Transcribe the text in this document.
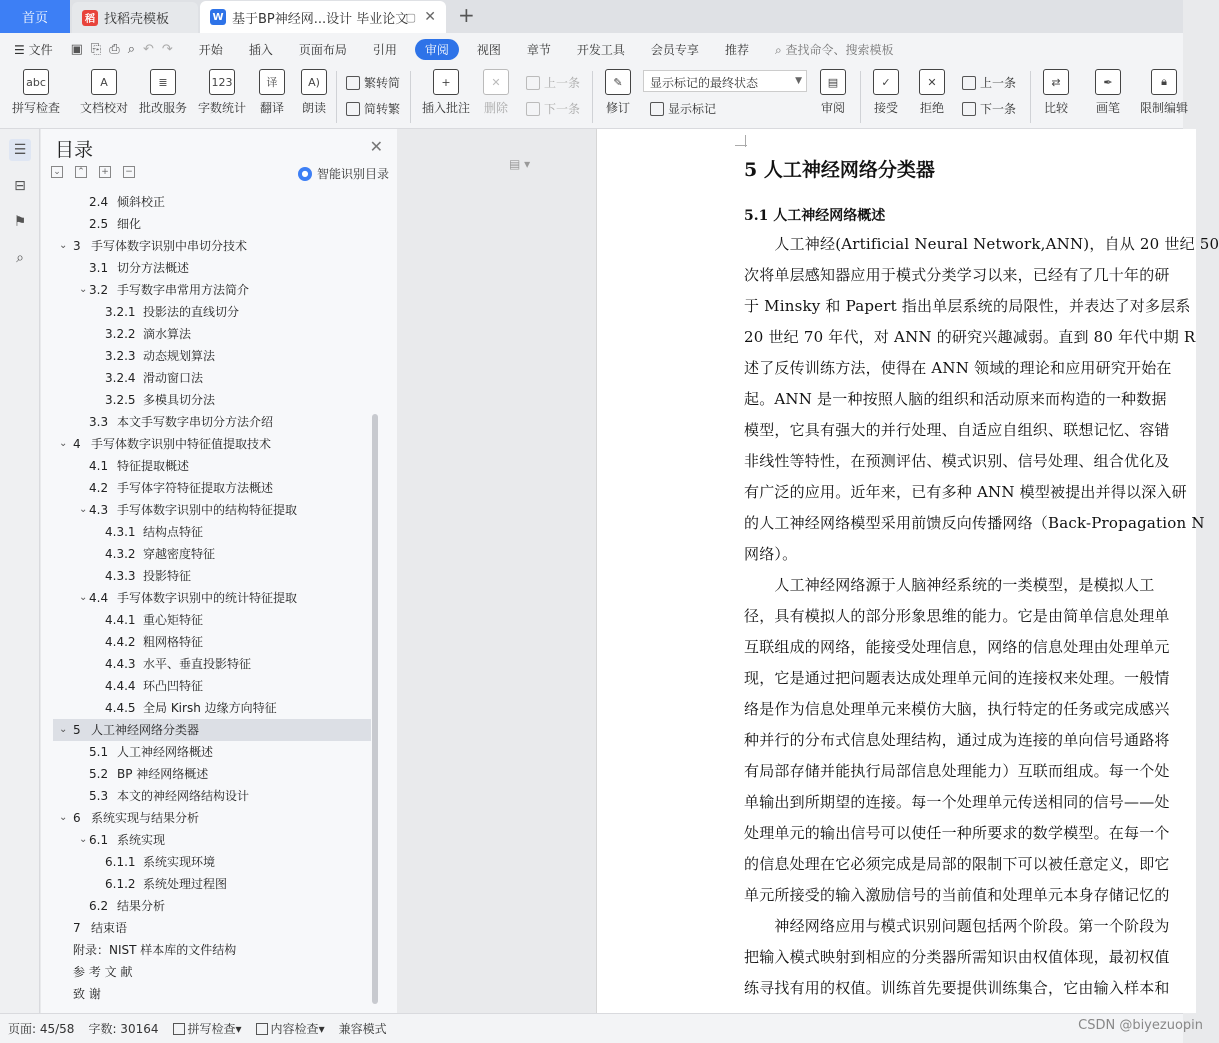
首页	稻 找稻壳模板	W 基于BP神经网...设计 毕业论文
▢ ✕ +
☰ 文件	▣ ⎘ ⎙ ⌕ ↶ ↷	开始	插入	页面布局	引用	审阅	视图	章节	开发工具	会员专享	推荐	⌕ 查找命令、搜索模板
abc
拼写检查
A
文档校对
≣
批改服务
123
字数统计
译
翻译
A)
朗读
繁转简
简转繁
+
插入批注
✕
删除
上一条
下一条
✎
修订
显示标记的最终状态	▼
显示标记
▤
审阅
✓
接受
✕
拒绝
上一条
下一条
⇄
比较
✒
画笔
🔒︎
限制编辑
☰
⊟
⚑
⌕
目录	✕
⌄ ⌃ + −	● 智能识别目录
2.4 倾斜校正
2.5 细化
⌄ 3 手写体数字识别中串切分技术
3.1 切分方法概述
⌄ 3.2 手写数字串常用方法简介
3.2.1 投影法的直线切分
3.2.2 滴水算法
3.2.3 动态规划算法
3.2.4 滑动窗口法
3.2.5 多模具切分法
3.3 本文手写数字串切分方法介绍
⌄ 4 手写体数字识别中特征值提取技术
4.1 特征提取概述
4.2 手写体字符特征提取方法概述
⌄ 4.3 手写体数字识别中的结构特征提取
4.3.1 结构点特征
4.3.2 穿越密度特征
4.3.3 投影特征
⌄ 4.4 手写体数字识别中的统计特征提取
4.4.1 重心矩特征
4.4.2 粗网格特征
4.4.3 水平、垂直投影特征
4.4.4 环凸凹特征
4.4.5 全局 Kirsh 边缘方向特征
⌄ 5 人工神经网络分类器
5.1 人工神经网络概述
5.2 BP 神经网络概述
5.3 本文的神经网络结构设计
⌄ 6 系统实现与结果分析
⌄ 6.1 系统实现
6.1.1 系统实现环境
6.1.2 系统处理过程图
6.2 结果分析
7 结束语
附录：NIST 样本库的文件结构
参 考 文 献
致 谢
▤ ▾	5 人工神经网络分类器
5.1 人工神经网络概述
　　人工神经(Artificial Neural Network,ANN)，自从 20 世纪 50
次将单层感知器应用于模式分类学习以来，已经有了几十年的研
于 Minsky 和 Papert 指出单层系统的局限性，并表达了对多层系
20 世纪 70 年代，对 ANN 的研究兴趣减弱。直到 80 年代中期 R
述了反传训练方法，使得在 ANN 领域的理论和应用研究开始在
起。ANN 是一种按照人脑的组织和活动原来而构造的一种数据
模型，它具有强大的并行处理、自适应自组织、联想记忆、容错
非线性等特性，在预测评估、模式识别、信号处理、组合优化及
有广泛的应用。近年来，已有多种 ANN 模型被提出并得以深入研
的人工神经网络模型采用前馈反向传播网络（Back-Propagation N
网络）。
　　人工神经网络源于人脑神经系统的一类模型，是模拟人工
径，具有模拟人的部分形象思维的能力。它是由简单信息处理单
互联组成的网络，能接受处理信息，网络的信息处理由处理单元
现，它是通过把问题表达成处理单元间的连接权来处理。一般情
络是作为信息处理单元来模仿大脑，执行特定的任务或完成感兴
种并行的分布式信息处理结构，通过成为连接的单向信号通路将
有局部存储并能执行局部信息处理能力）互联而组成。每一个处
单输出到所期望的连接。每一个处理单元传送相同的信号——处
处理单元的输出信号可以使任一种所要求的数学模型。在每一个
的信息处理在它必须完成是局部的限制下可以被任意定义，即它
单元所接受的输入激励信号的当前值和处理单元本身存储记忆的
　　神经网络应用与模式识别问题包括两个阶段。第一个阶段为
把输入模式映射到相应的分类器所需知识由权值体现，最初权值
练寻找有用的权值。训练首先要提供训练集合，它由输入样本和
页面: 45/58 字数: 30164 拼写检查 ▾ 内容检查 ▾ 兼容模式	CSDN @biyezuopin
